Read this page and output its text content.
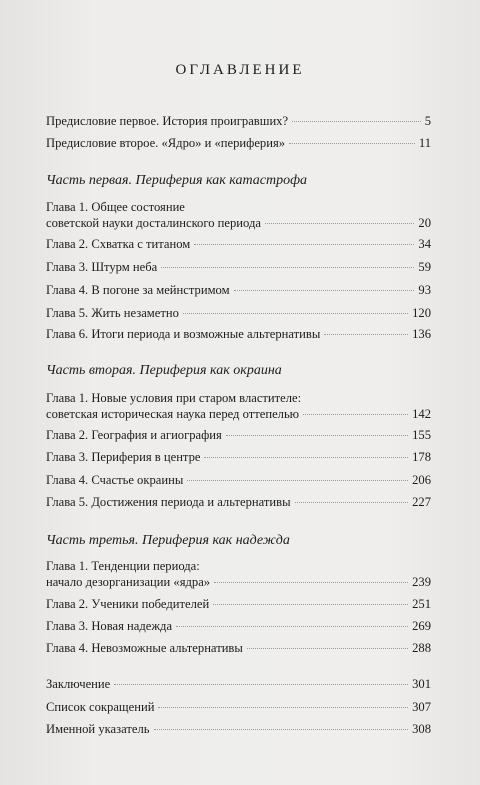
ОГЛАВЛЕНИЕ
Предисловие первое. История проигравших?	5
Предисловие второе. «Ядро» и «периферия»	11
Часть первая. Периферия как катастрофа
Глава 1. Общее состояние
советской науки досталинского периода	20
Глава 2. Схватка с титаном	34
Глава 3. Штурм неба	59
Глава 4. В погоне за мейнстримом	93
Глава 5. Жить незаметно	120
Глава 6. Итоги периода и возможные альтернативы	136
Часть вторая. Периферия как окраина
Глава 1. Новые условия при старом властителе:
советская историческая наука перед оттепелью	142
Глава 2. География и агиография	155
Глава 3. Периферия в центре	178
Глава 4. Счастье окраины	206
Глава 5. Достижения периода и альтернативы	227
Часть третья. Периферия как надежда
Глава 1. Тенденции периода:
начало дезорганизации «ядра»	239
Глава 2. Ученики победителей	251
Глава 3. Новая надежда	269
Глава 4. Невозможные альтернативы	288
Заключение	301
Список сокращений	307
Именной указатель	308
